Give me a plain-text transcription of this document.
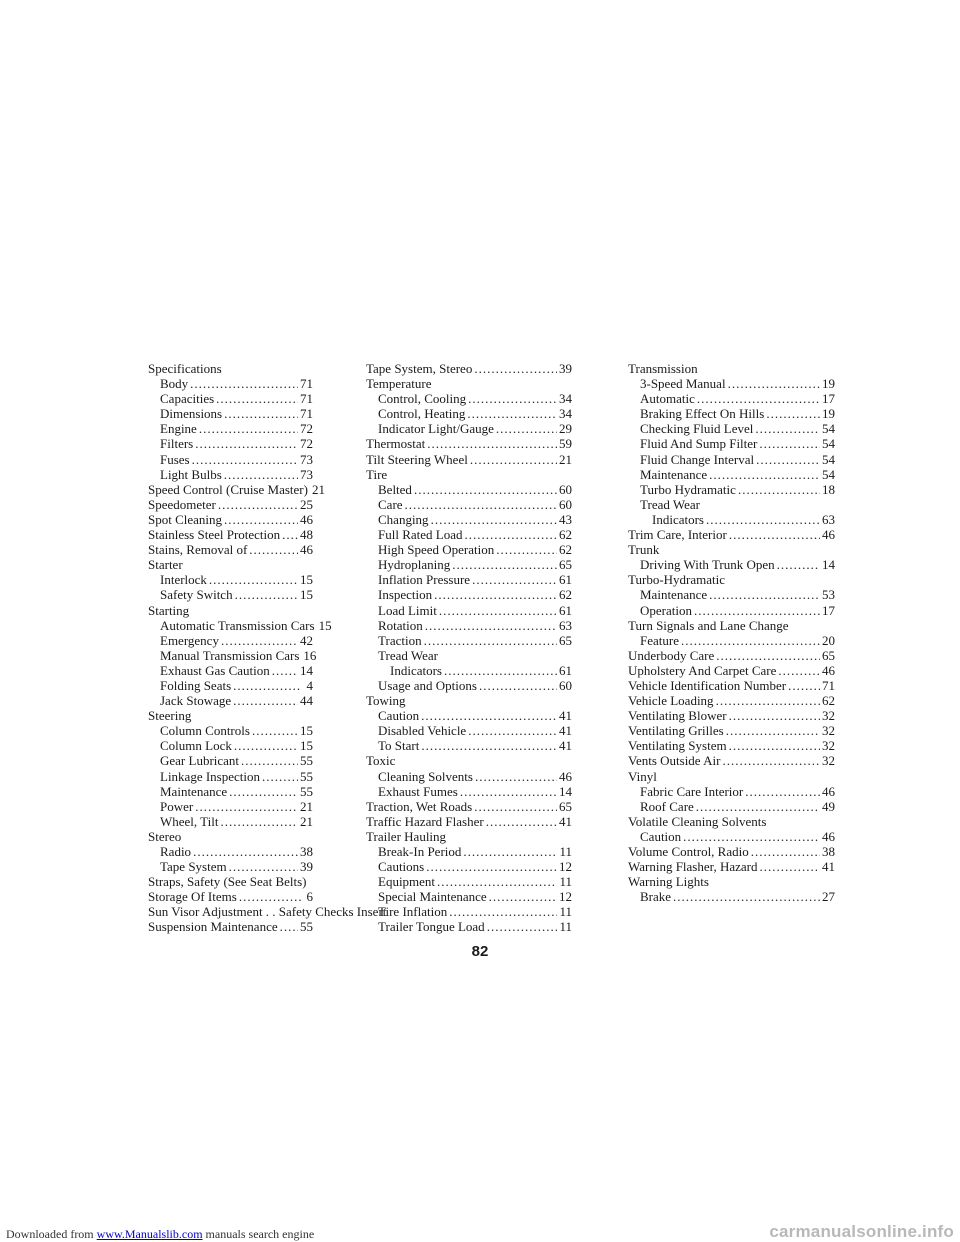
Specifications
Body .....	71
Capacities .....	71
Dimensions .....	71
Engine .....	72
Filters .....	72
Fuses .....	73
Light Bulbs .....	73
Speed Control (Cruise Master) 21
Speedometer .....	25
Spot Cleaning .....	46
Stainless Steel Protection ..... 48
Stains, Removal of .....	46
Starter
Interlock .....	15
Safety Switch .....	15
Starting
Automatic Transmission Cars 15
Emergency .....	42
Manual Transmission Cars 16
Exhaust Gas Caution ..... 14
Folding Seats .....	4
Jack Stowage .....	44
Steering
Column Controls .....	15
Column Lock .....	15
Gear Lubricant .....	55
Linkage Inspection .....	55
Maintenance .....	55
Power .....	21
Wheel, Tilt .....	21
Stereo
Radio .....	38
Tape System .....	39
Straps, Safety (See Seat Belts)
Storage Of Items .....	6
Sun Visor Adjustment . . Safety Checks Insert
Suspension Maintenance ..... 55
Tape System, Stereo .....	39
Temperature
Control, Cooling .....	34
Control, Heating .....	34
Indicator Light/Gauge .....	29
Thermostat .....	59
Tilt Steering Wheel .....	21
Tire
Belted .....	60
Care .....	60
Changing .....	43
Full Rated Load .....	62
High Speed Operation .....	62
Hydroplaning .....	65
Inflation Pressure .....	61
Inspection .....	62
Load Limit .....	61
Rotation .....	63
Traction .....	65
Tread Wear
Indicators .....	61
Usage and Options .....	60
Towing
Caution .....	41
Disabled Vehicle .....	41
To Start .....	41
Toxic
Cleaning Solvents .....	46
Exhaust Fumes .....	14
Traction, Wet Roads .....	65
Traffic Hazard Flasher .....	41
Trailer Hauling
Break-In Period .....	11
Cautions .....	12
Equipment .....	11
Special Maintenance .....	12
Tire Inflation .....	11
Trailer Tongue Load .....	11
Transmission
3-Speed Manual .....	19
Automatic .....	17
Braking Effect On Hills .....	19
Checking Fluid Level .....	54
Fluid And Sump Filter .....	54
Fluid Change Interval .....	54
Maintenance .....	54
Turbo Hydramatic .....	18
Tread Wear
Indicators .....	63
Trim Care, Interior .....	46
Trunk
Driving With Trunk Open .....	14
Turbo-Hydramatic
Maintenance .....	53
Operation .....	17
Turn Signals and Lane Change
Feature .....	20
Underbody Care .....	65
Upholstery And Carpet Care .....	46
Vehicle Identification Number .....	71
Vehicle Loading .....	62
Ventilating Blower .....	32
Ventilating Grilles .....	32
Ventilating System .....	32
Vents Outside Air .....	32
Vinyl
Fabric Care Interior .....	46
Roof Care .....	49
Volatile Cleaning Solvents
Caution .....	46
Volume Control, Radio .....	38
Warning Flasher, Hazard .....	41
Warning Lights
Brake .....	27
82
Downloaded from www.Manualslib.com manuals search engine	carmanualsonline.info
